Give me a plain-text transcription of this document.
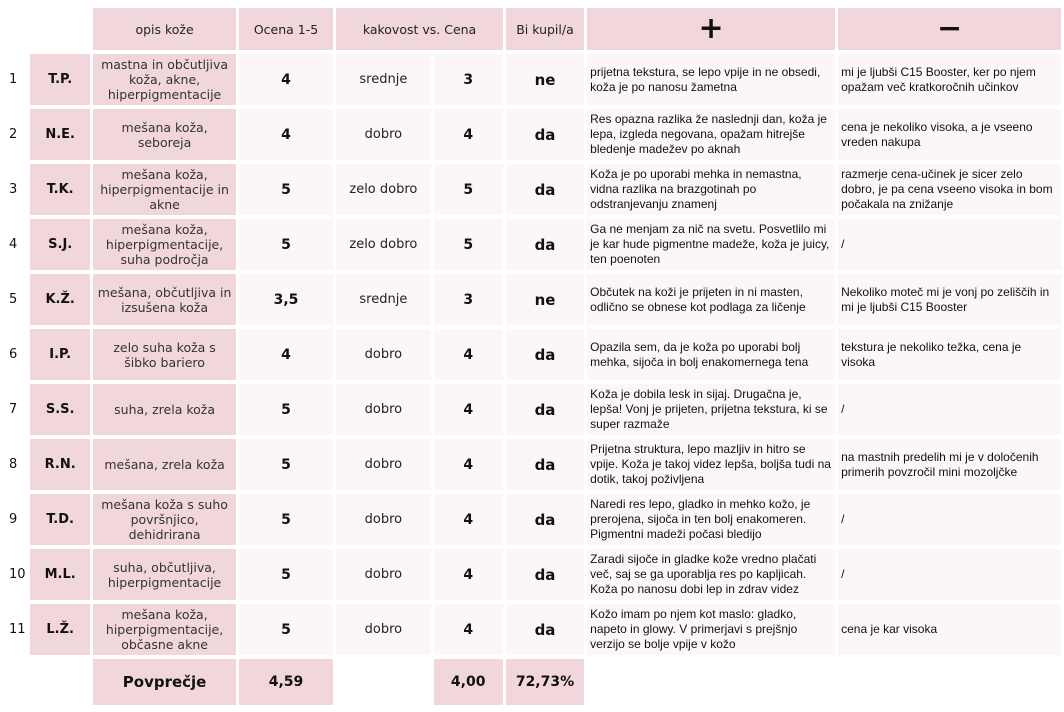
		opis kože	Ocena 1-5	kakovost vs. Cena		Bi kupil/a	+	−
1	T.P.	mastna in občutljiva koža, akne, hiperpigmentacije	4	srednje	3	ne	prijetna tekstura, se lepo vpije in ne obsedi, koža je po nanosu žametna	mi je ljubši C15 Booster, ker po njem opažam več kratkoročnih učinkov
2	N.E.	mešana koža, seboreja	4	dobro	4	da	Res opazna razlika že naslednji dan, koža je lepa, izgleda negovana, opažam hitrejše bledenje madežev po aknah	cena je nekoliko visoka, a je vseeno vreden nakupa
3	T.K.	mešana koža, hiperpigmentacije in akne	5	zelo dobro	5	da	Koža je po uporabi mehka in nemastna, vidna razlika na brazgotinah po odstranjevanju znamenj	razmerje cena-učinek je sicer zelo dobro, je pa cena vseeno visoka in bom počakala na znižanje
4	S.J.	mešana koža, hiperpigmentacije, suha področja	5	zelo dobro	5	da	Ga ne menjam za nič na svetu. Posvetlilo mi je kar hude pigmentne madeže, koža je juicy, ten poenoten	/
5	K.Ž.	mešana, občutljiva in izsušena koža	3,5	srednje	3	ne	Občutek na koži je prijeten in ni masten, odlično se obnese kot podlaga za ličenje	Nekoliko moteč mi je vonj po zeliščih in mi je ljubši C15 Booster
6	I.P.	zelo suha koža s šibko bariero	4	dobro	4	da	Opazila sem, da je koža po uporabi bolj mehka, sijoča in bolj enakomernega tena	tekstura je nekoliko težka, cena je visoka
7	S.S.	suha, zrela koža	5	dobro	4	da	Koža je dobila lesk in sijaj. Drugačna je, lepša! Vonj je prijeten, prijetna tekstura, ki se super razmaže	/
8	R.N.	mešana, zrela koža	5	dobro	4	da	Prijetna struktura, lepo mazljiv in hitro se vpije. Koža je takoj videz lepša, boljša tudi na dotik, takoj poživljena	na mastnih predelih mi je v določenih primerih povzročil mini mozoljčke
9	T.D.	mešana koža s suho površnjico, dehidrirana	5	dobro	4	da	Naredi res lepo, gladko in mehko kožo, je prerojena, sijoča in ten bolj enakomeren. Pigmentni madeži počasi bledijo	/
10	M.L.	suha, občutljiva, hiperpigmentacije	5	dobro	4	da	Zaradi sijoče in gladke kože vredno plačati več, saj se ga uporablja res po kapljicah. Koža po nanosu dobi lep in zdrav videz	/
11	L.Ž.	mešana koža, hiperpigmentacije, občasne akne	5	dobro	4	da	Kožo imam po njem kot maslo: gladko, napeto in glowy. V primerjavi s prejšnjo verzijo se bolje vpije v kožo	cena je kar visoka
		Povprečje	4,59		4,00	72,73%		
